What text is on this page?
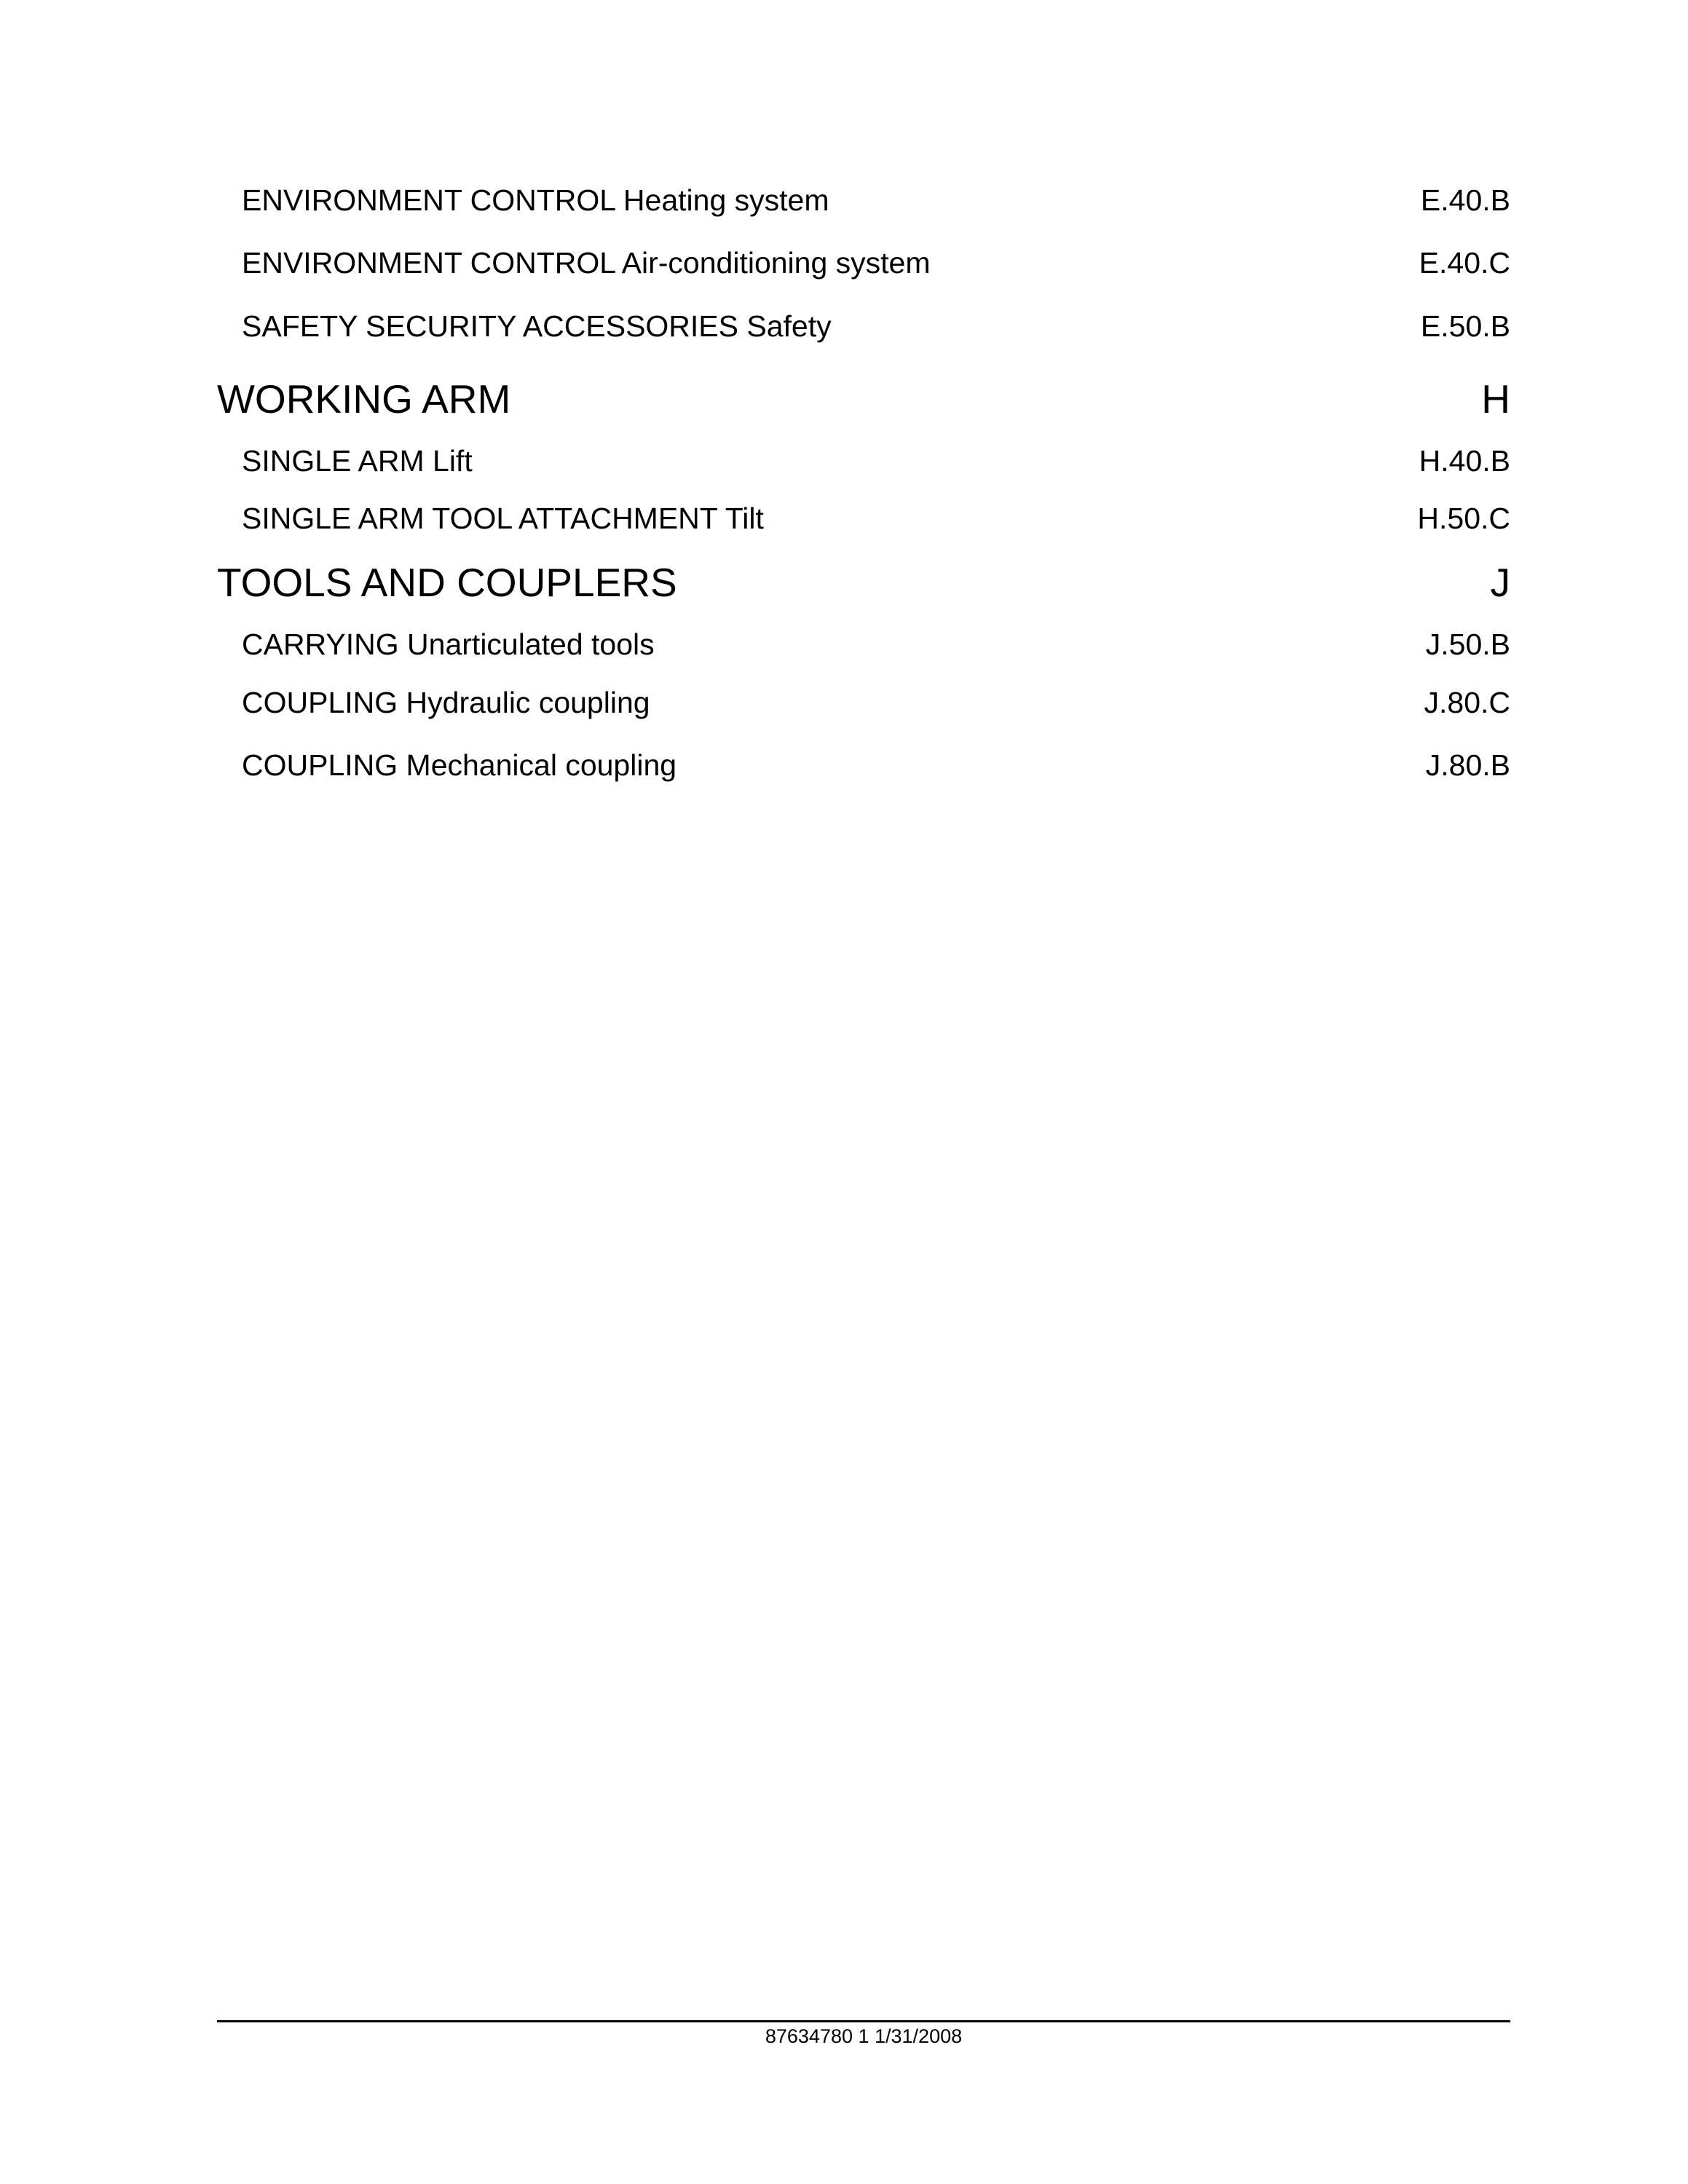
ENVIRONMENT CONTROL Heating system	E.40.B
ENVIRONMENT CONTROL Air-conditioning system	E.40.C
SAFETY SECURITY ACCESSORIES Safety	E.50.B
WORKING ARM	H
SINGLE ARM Lift	H.40.B
SINGLE ARM TOOL ATTACHMENT Tilt	H.50.C
TOOLS AND COUPLERS	J
CARRYING Unarticulated tools	J.50.B
COUPLING Hydraulic coupling	J.80.C
COUPLING Mechanical coupling	J.80.B
87634780 1 1/31/2008
